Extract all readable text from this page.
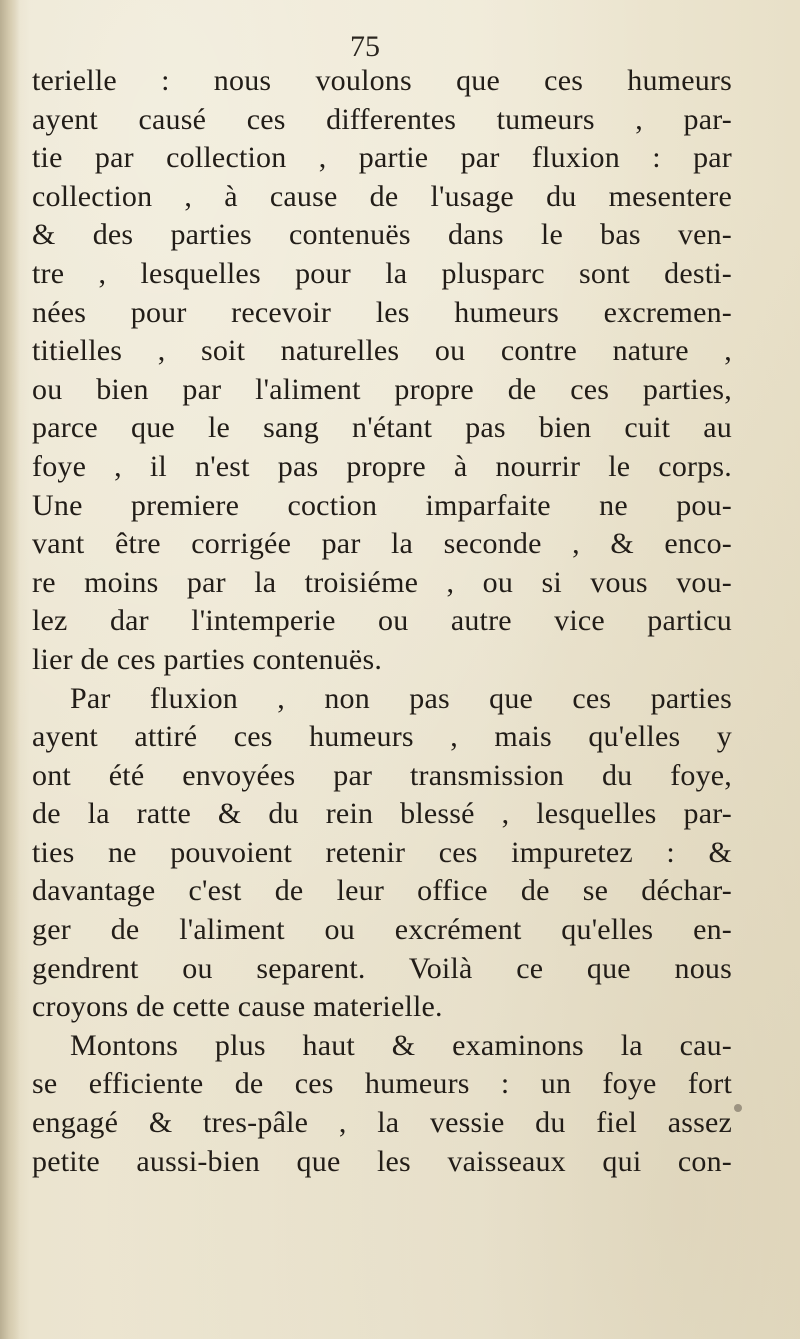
75

terielle : nous voulons que ces humeurs
ayent causé ces differentes tumeurs , par-
tie par collection , partie par fluxion : par
collection , à cause de l'usage du mesentere
& des parties contenuës dans le bas ven-
tre , lesquelles pour la plusparc sont desti-
nées pour recevoir les humeurs excremen-
titielles , soit naturelles ou contre nature ,
ou bien par l'aliment propre de ces parties,
parce que le sang n'étant pas bien cuit au
foye , il n'est pas propre à nourrir le corps.
Une premiere coction imparfaite ne pou-
vant être corrigée par la seconde , & enco-
re moins par la troisiéme , ou si vous vou-
lez dar l'intemperie ou autre vice particu
lier de ces parties contenuës.
Par fluxion , non pas que ces parties
ayent attiré ces humeurs , mais qu'elles y
ont été envoyées par transmission du foye,
de la ratte & du rein blessé , lesquelles par-
ties ne pouvoient retenir ces impuretez : &
davantage c'est de leur office de se déchar-
ger de l'aliment ou excrément qu'elles en-
gendrent ou separent. Voilà ce que nous
croyons de cette cause materielle.
Montons plus haut & examinons la cau-
se efficiente de ces humeurs : un foye fort
engagé & tres-pâle , la vessie du fiel assez
petite aussi-bien que les vaisseaux qui con-
